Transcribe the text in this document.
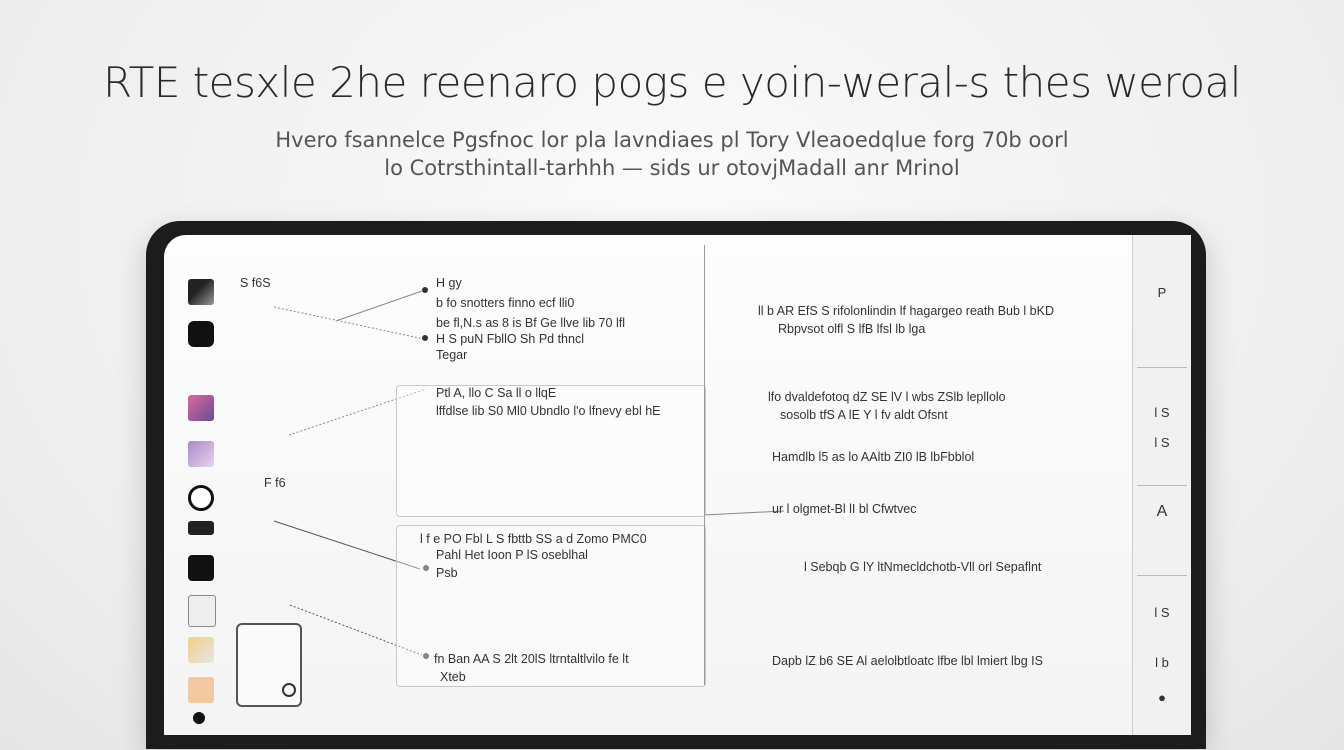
RTE tesxle 2he reenaro pogs e yoin-weral-s thes weroal
Hvero fsannelce Pgsfnoc lor pla lavndiaes pl Tory Vleaoedqlue forg 70b oorl
lo Cotrsthintall-tarhhh — sids ur otovjMadall anr Mrinol
S f6S	H gy
b fo snotters finno ecf lli0
be fl,N.s as 8 is Bf Ge llve lib 70 lfl
H S puN FbllO Sh Pd thncl
Tegar
Ptl A, llo C Sa ll o llqE
lffdlse lib S0 Ml0 Ubndlo l'o lfnevy ebl hE
F f6
l f e PO Fbl L S fbttb SS a d Zomo PMC0
Pahl Het Ioon P lS oseblhal
Psb
fn Ban AA S 2lt 20lS ltrntaltlvilo fe lt
Xteb
ll b AR EfS S rifolonlindin lf hagargeo reath Bub l bKD
Rbpvsot olfl S lfB lfsl lb lga
lfo dvaldefotoq dZ SE lV l wbs ZSlb lepllolo
sosolb tfS A lE Y l fv aldt Ofsnt
Hamdlb l5 as lo AAltb ZI0 lB lbFbblol
ur l olgmet-Bl lI bl Cfwtvec
l Sebqb G lY ltNmecldchotb-Vll orl Sepaflnt
Dapb lZ b6 SE Al aelolbtloatc lfbe lbl lmiert lbg IS
P
l S
l S
A
l S
l b
●
